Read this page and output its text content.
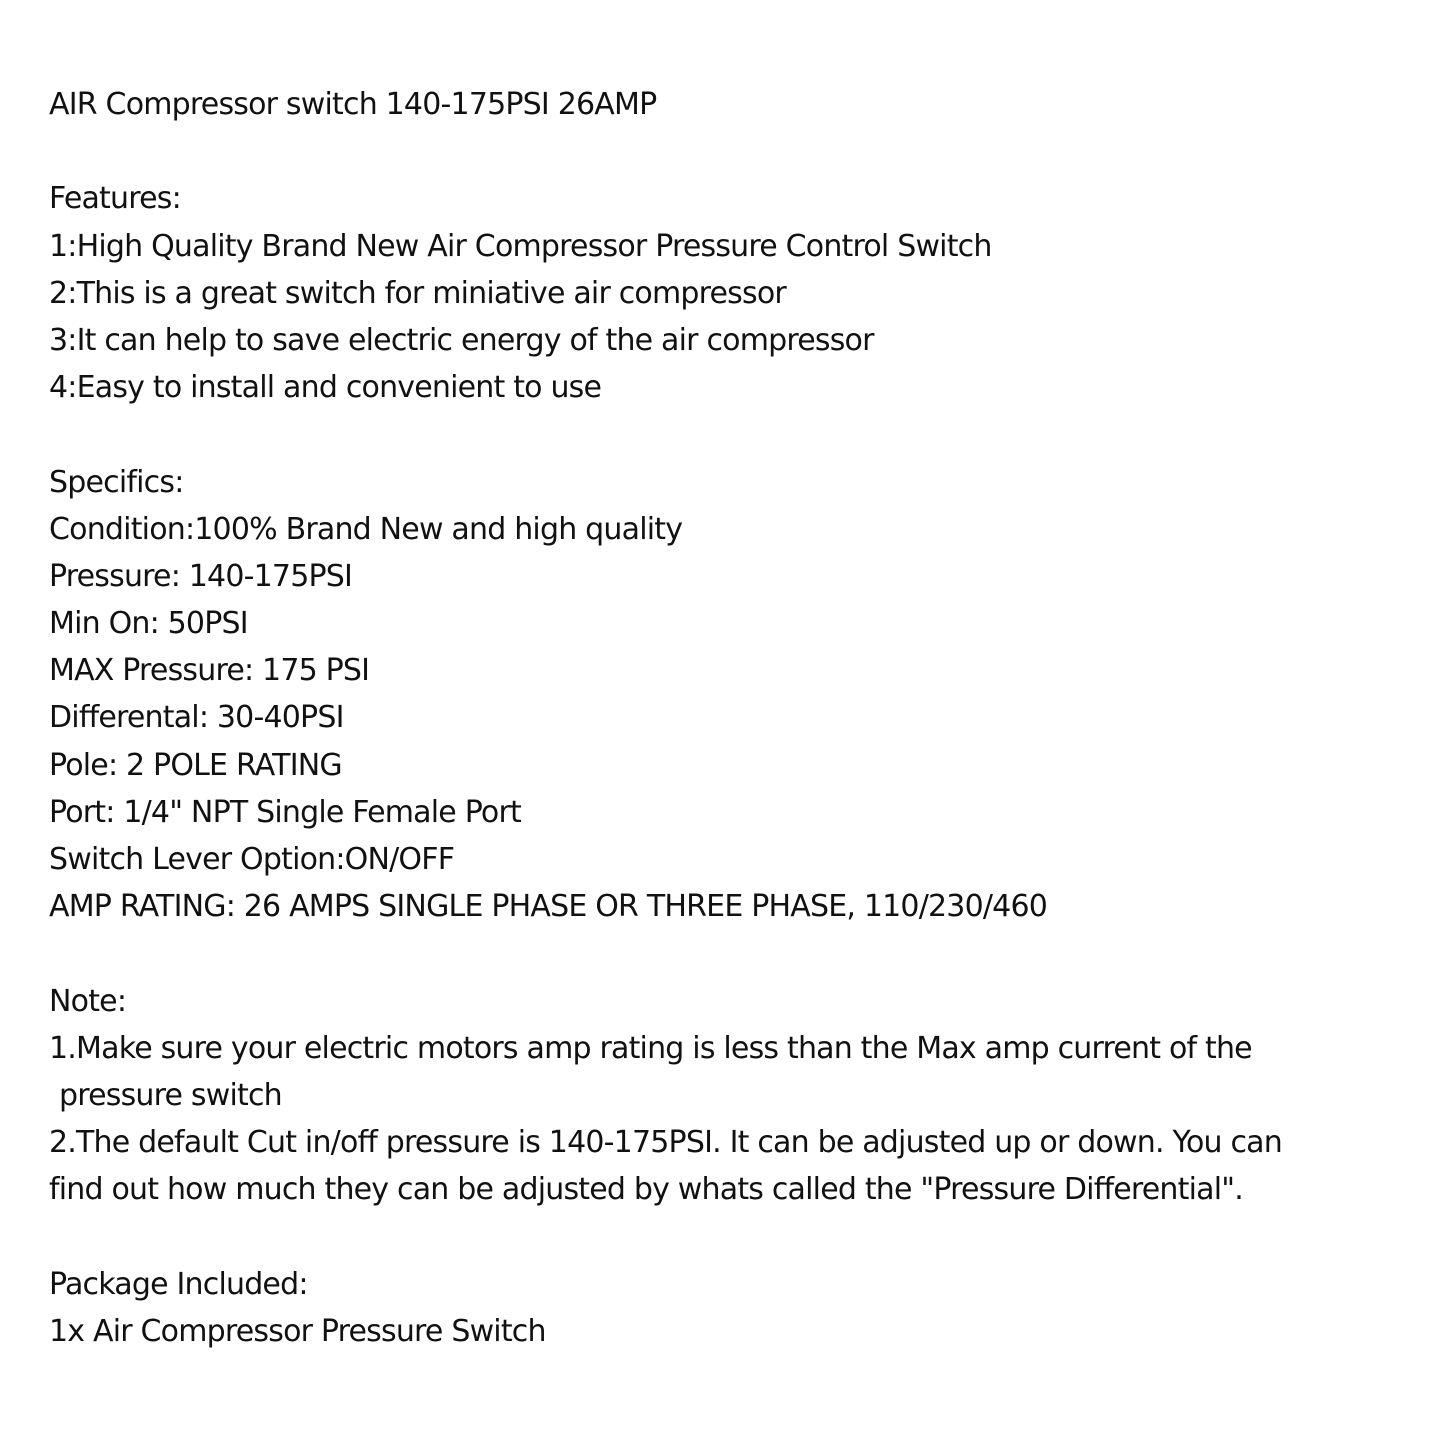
AIR Compressor switch 140-175PSI 26AMP
Features:
1:High Quality Brand New Air Compressor Pressure Control Switch
2:This is a great switch for miniative air compressor
3:It can help to save electric energy of the air compressor
4:Easy to install and convenient to use
Specifics:
Condition:100% Brand New and high quality
Pressure: 140-175PSI
Min On: 50PSI
MAX Pressure: 175 PSI
Differental: 30-40PSI
Pole: 2 POLE RATING
Port: 1/4" NPT Single Female Port
Switch Lever Option:ON/OFF
AMP RATING: 26 AMPS SINGLE PHASE OR THREE PHASE, 110/230/460
Note:
1.Make sure your electric motors amp rating is less than the Max amp current of the
pressure switch
2.The default Cut in/off pressure is 140-175PSI. It can be adjusted up or down. You can
find out how much they can be adjusted by whats called the "Pressure Differential".
Package Included:
1x Air Compressor Pressure Switch
